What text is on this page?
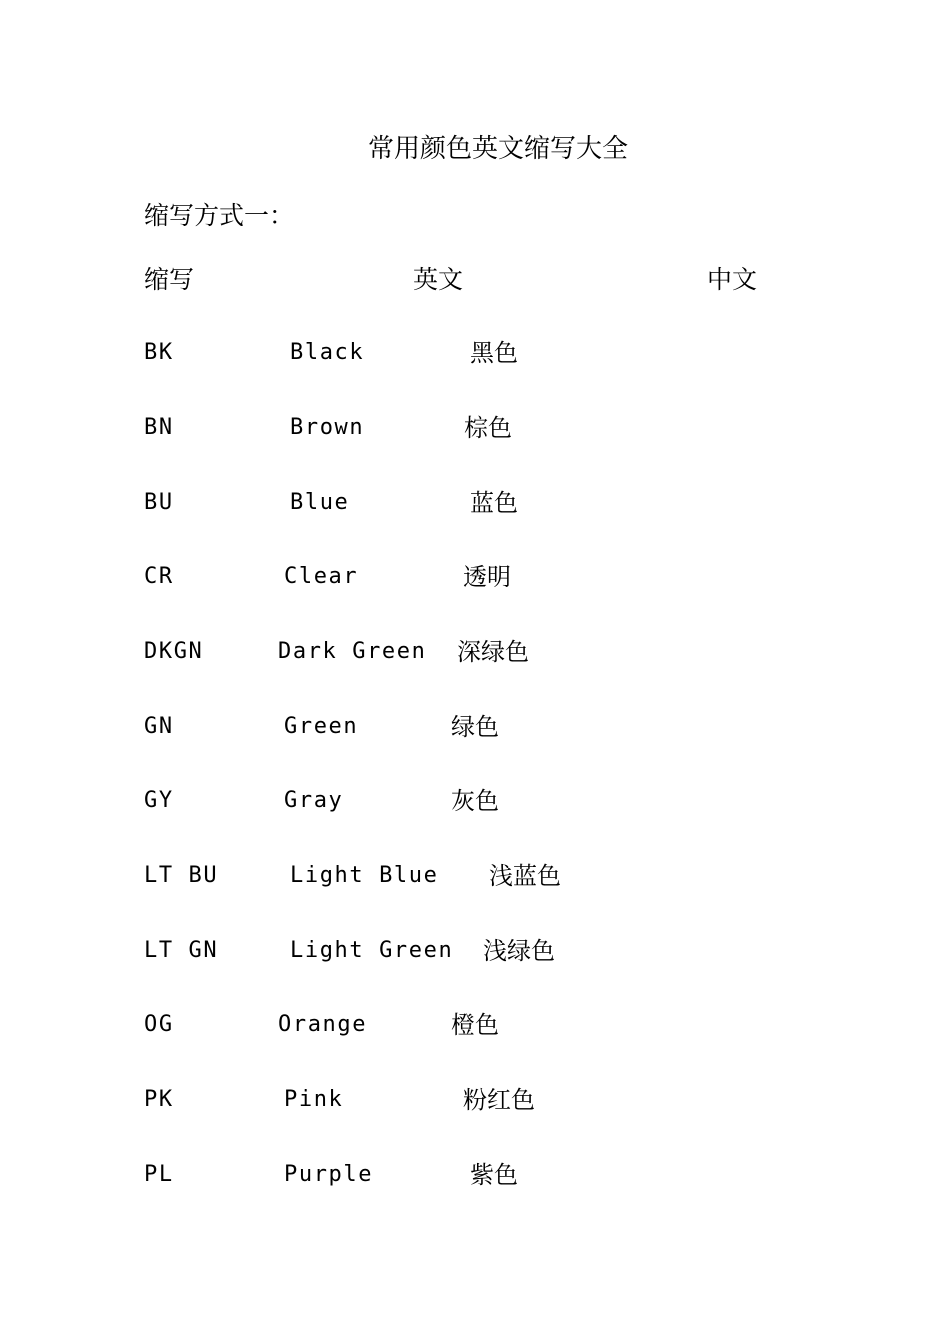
常用颜色英文缩写大全
缩写方式一：
缩写	英文	中文
BK	Black	黑色
BN	Brown	棕色
BU	Blue	蓝色
CR	Clear	透明
DKGN	Dark Green 深绿色
GN	Green	绿色
GY	Gray	灰色
LT BU	Light Blue 浅蓝色
LT GN	Light Green 浅绿色
OG	Orange	橙色
PK	Pink	粉红色
PL	Purple	紫色
